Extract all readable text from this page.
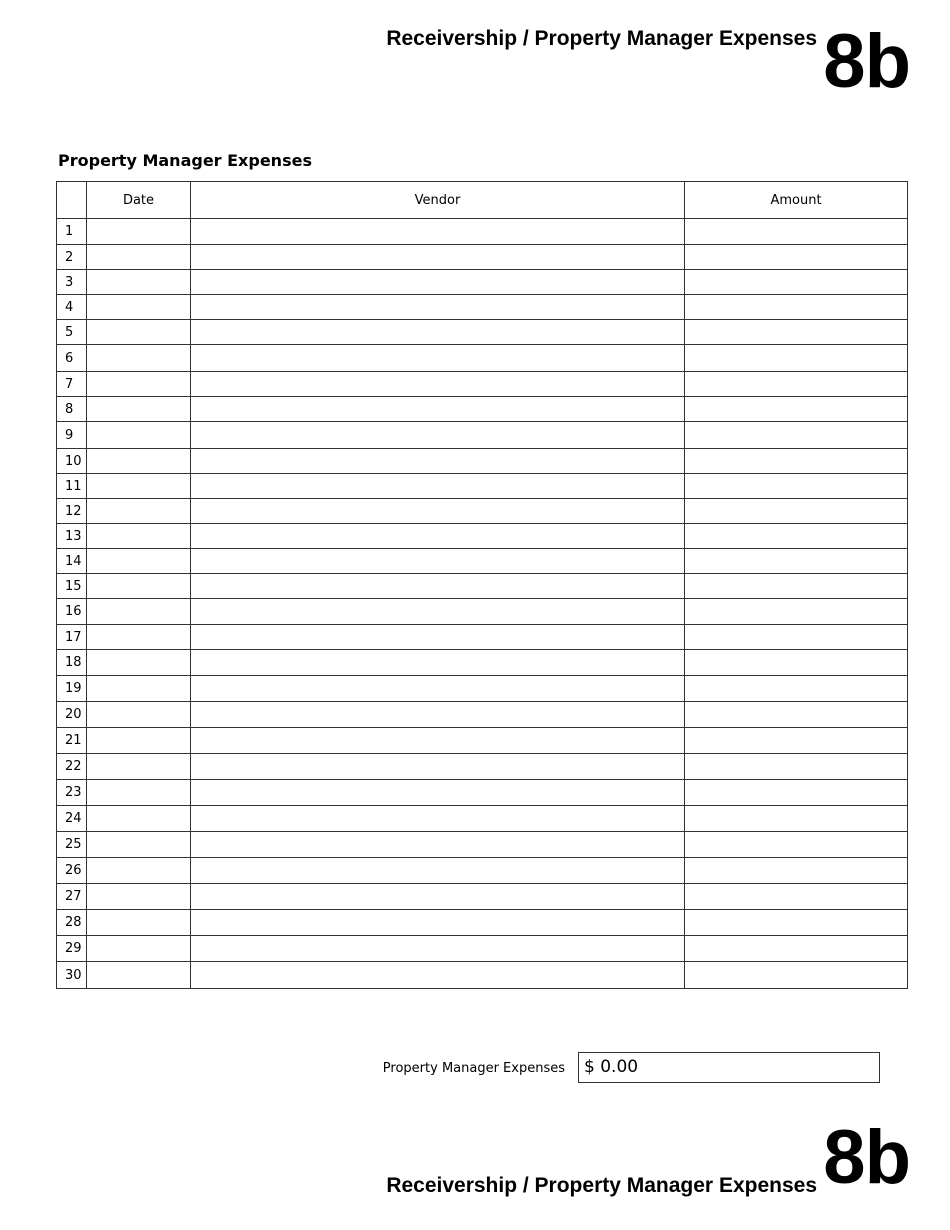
Receivership / Property Manager Expenses 8b
Property Manager Expenses
	Date	Vendor	Amount
1			
2			
3			
4			
5			
6			
7			
8			
9			
10			
11			
12			
13			
14			
15			
16			
17			
18			
19			
20			
21			
22			
23			
24			
25			
26			
27			
28			
29			
30			
Property Manager Expenses	$ 0.00
Receivership / Property Manager Expenses 8b
